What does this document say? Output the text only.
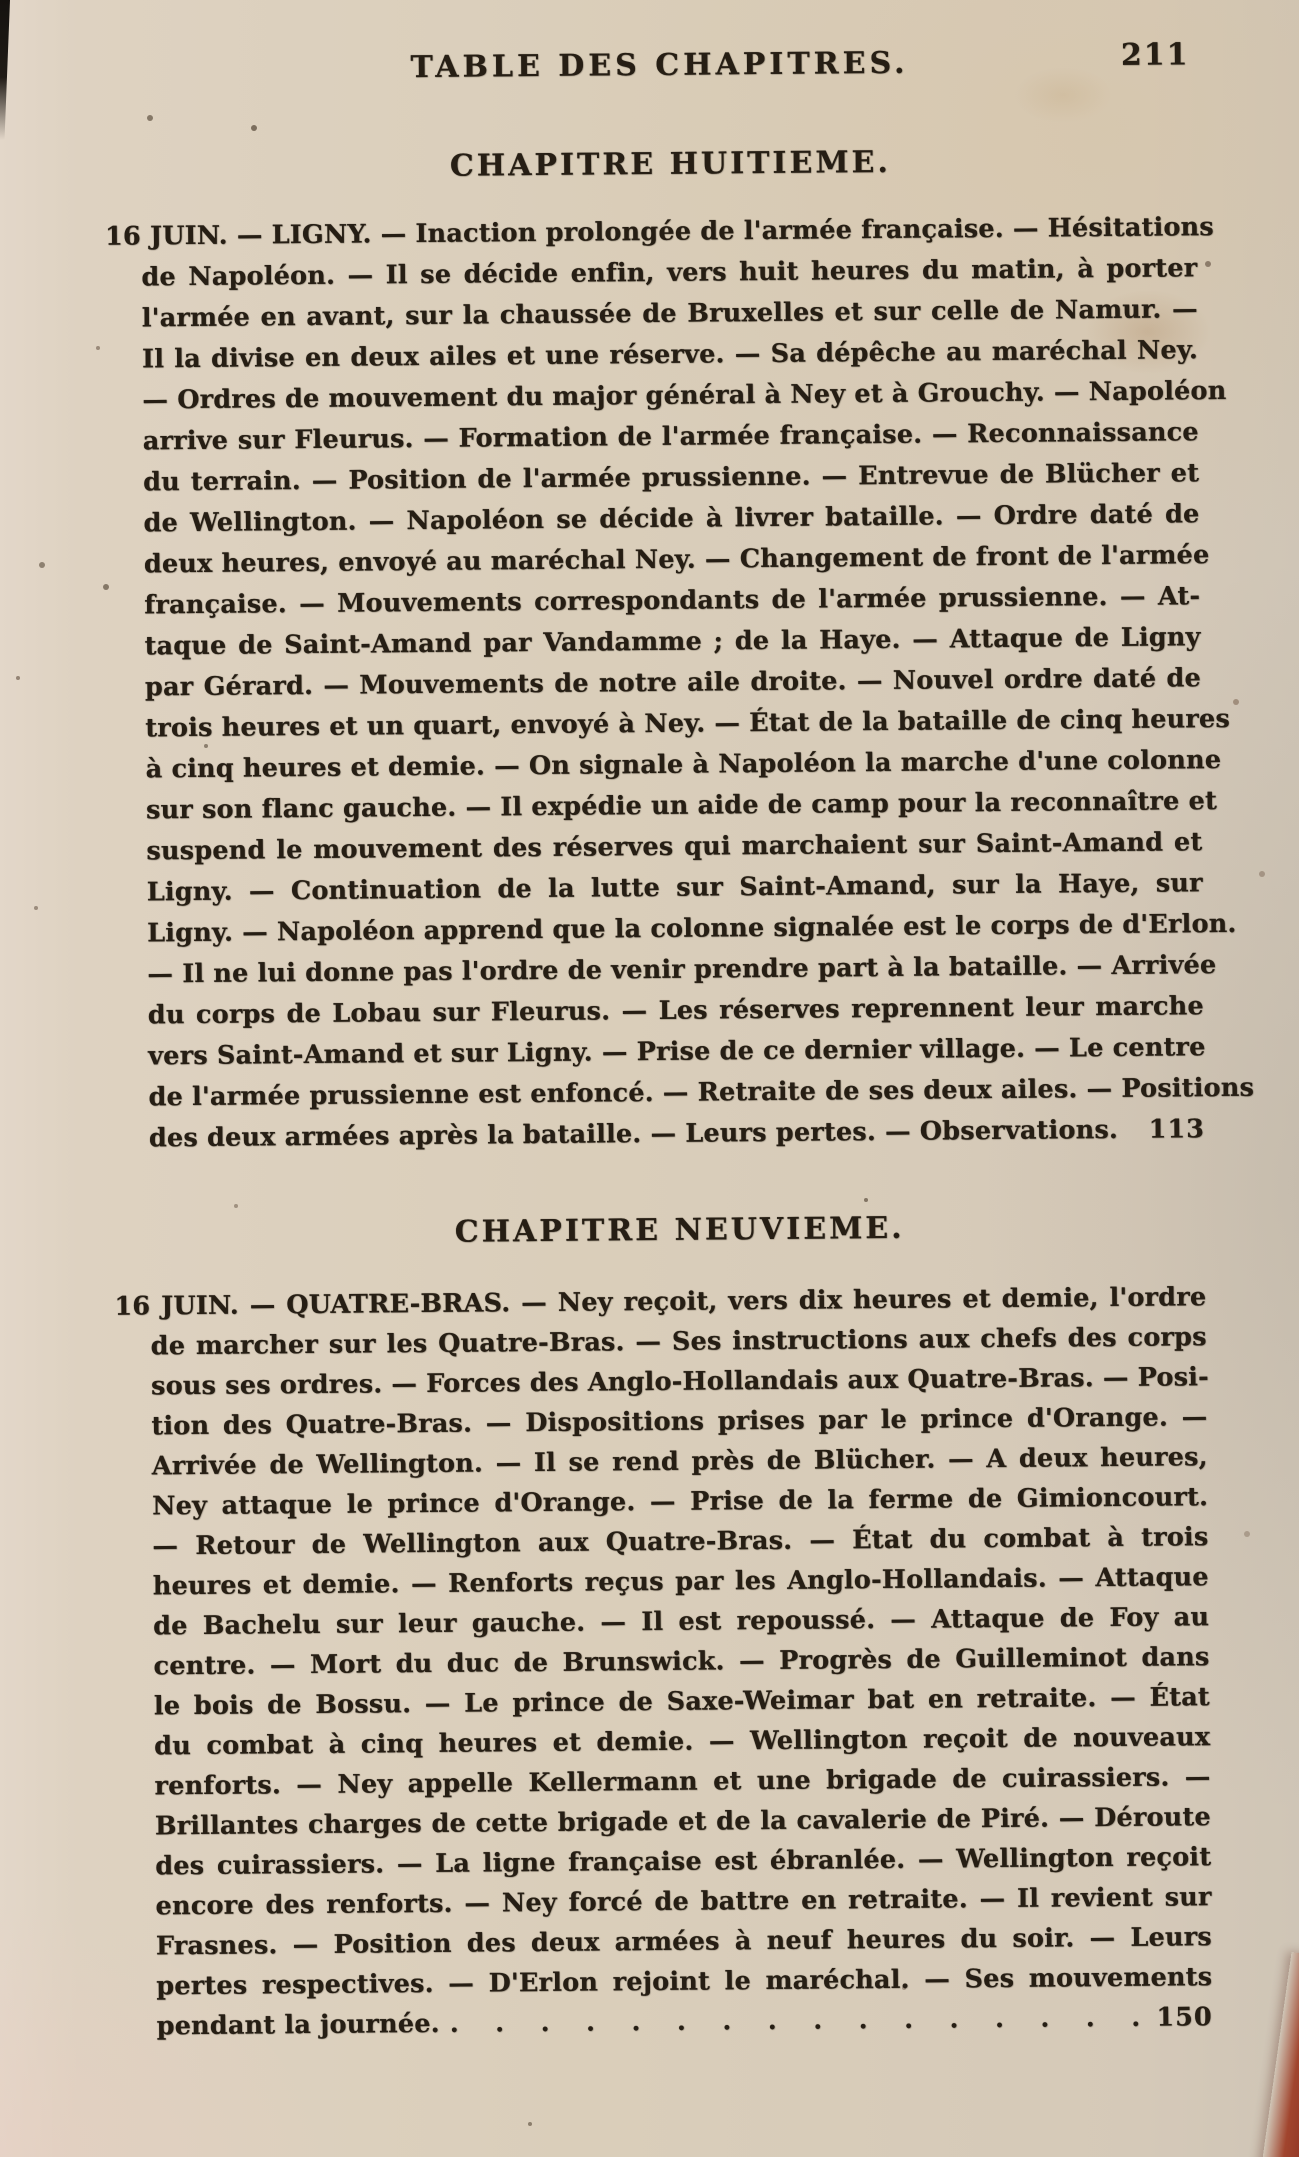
TABLE DES CHAPITRES.	211
CHAPITRE HUITIEME.
16 JUIN. — LIGNY. — Inaction prolongée de l'armée française. — Hésitations
de Napoléon. — Il se décide enfin, vers huit heures du matin, à porter
l'armée en avant, sur la chaussée de Bruxelles et sur celle de Namur. —
Il la divise en deux ailes et une réserve. — Sa dépêche au maréchal Ney.
— Ordres de mouvement du major général à Ney et à Grouchy. — Napoléon
arrive sur Fleurus. — Formation de l'armée française. — Reconnaissance
du terrain. — Position de l'armée prussienne. — Entrevue de Blücher et
de Wellington. — Napoléon se décide à livrer bataille. — Ordre daté de
deux heures, envoyé au maréchal Ney. — Changement de front de l'armée
française. — Mouvements correspondants de l'armée prussienne. — At-
taque de Saint-Amand par Vandamme ; de la Haye. — Attaque de Ligny
par Gérard. — Mouvements de notre aile droite. — Nouvel ordre daté de
trois heures et un quart, envoyé à Ney. — État de la bataille de cinq heures
à cinq heures et demie. — On signale à Napoléon la marche d'une colonne
sur son flanc gauche. — Il expédie un aide de camp pour la reconnaître et
suspend le mouvement des réserves qui marchaient sur Saint-Amand et
Ligny. — Continuation de la lutte sur Saint-Amand, sur la Haye, sur
Ligny. — Napoléon apprend que la colonne signalée est le corps de d'Erlon.
— Il ne lui donne pas l'ordre de venir prendre part à la bataille. — Arrivée
du corps de Lobau sur Fleurus. — Les réserves reprennent leur marche
vers Saint-Amand et sur Ligny. — Prise de ce dernier village. — Le centre
de l'armée prussienne est enfoncé. — Retraite de ses deux ailes. — Positions
des deux armées après la bataille. — Leurs pertes. — Observations. 113
CHAPITRE NEUVIEME.
16 JUIN. — QUATRE-BRAS. — Ney reçoit, vers dix heures et demie, l'ordre
de marcher sur les Quatre-Bras. — Ses instructions aux chefs des corps
sous ses ordres. — Forces des Anglo-Hollandais aux Quatre-Bras. — Posi-
tion des Quatre-Bras. — Dispositions prises par le prince d'Orange. —
Arrivée de Wellington. — Il se rend près de Blücher. — A deux heures,
Ney attaque le prince d'Orange. — Prise de la ferme de Gimioncourt.
— Retour de Wellington aux Quatre-Bras. — État du combat à trois
heures et demie. — Renforts reçus par les Anglo-Hollandais. — Attaque
de Bachelu sur leur gauche. — Il est repoussé. — Attaque de Foy au
centre. — Mort du duc de Brunswick. — Progrès de Guilleminot dans
le bois de Bossu. — Le prince de Saxe-Weimar bat en retraite. — État
du combat à cinq heures et demie. — Wellington reçoit de nouveaux
renforts. — Ney appelle Kellermann et une brigade de cuirassiers. —
Brillantes charges de cette brigade et de la cavalerie de Piré. — Déroute
des cuirassiers. — La ligne française est ébranlée. — Wellington reçoit
encore des renforts. — Ney forcé de battre en retraite. — Il revient sur
Frasnes. — Position des deux armées à neuf heures du soir. — Leurs
pertes respectives. — D'Erlon rejoint le maréchal. — Ses mouvements
pendant la journée. . . . . . . . . . . . . . . . . 150
